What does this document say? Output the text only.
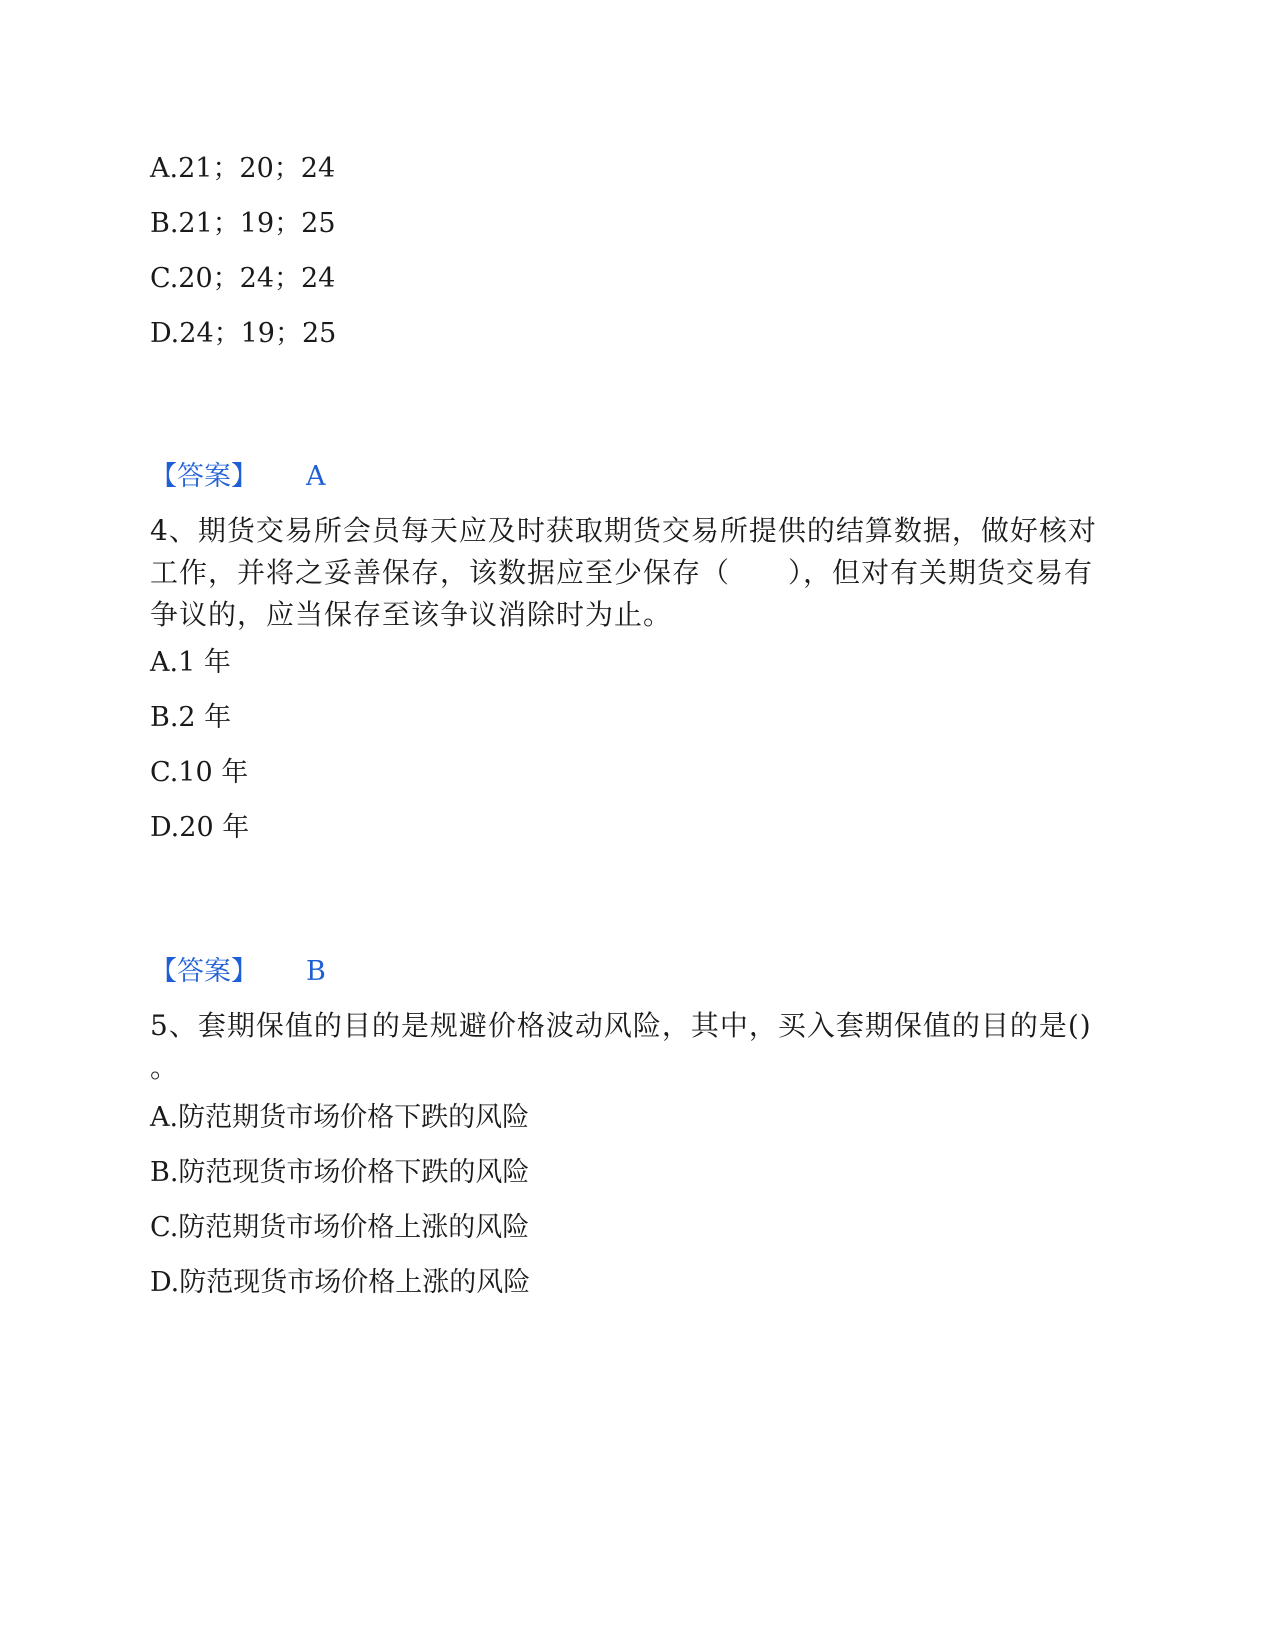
A.21；20；24
B.21；19；25
C.20；24；24
D.24；19；25
【答案】 A
4、期货交易所会员每天应及时获取期货交易所提供的结算数据，做好核对
工作，并将之妥善保存，该数据应至少保存（　　），但对有关期货交易有
争议的，应当保存至该争议消除时为止。
A.1 年
B.2 年
C.10 年
D.20 年
【答案】 B
5、套期保值的目的是规避价格波动风险，其中，买入套期保值的目的是()
。
A.防范期货市场价格下跌的风险
B.防范现货市场价格下跌的风险
C.防范期货市场价格上涨的风险
D.防范现货市场价格上涨的风险
